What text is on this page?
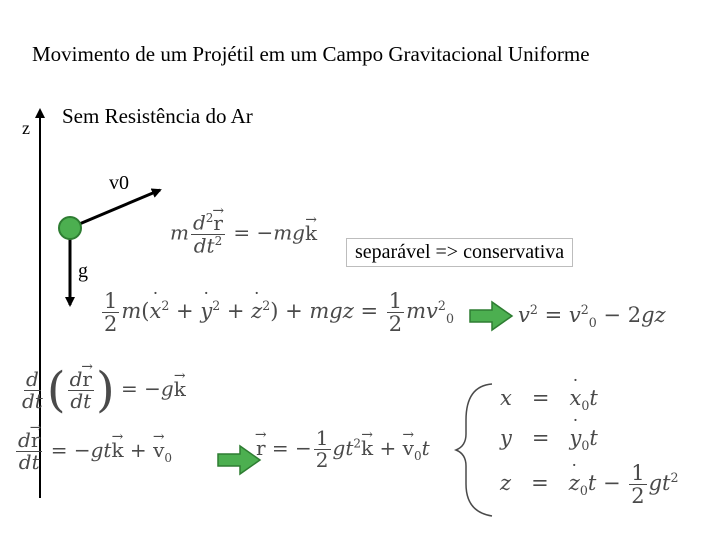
Movimento de um Projétil em um Campo Gravitacional Uniforme
Sem Resistência do Ar
z
v0
g
separável => conservativa
m $\frac{d^2\to r}{dt^2} = -mg\to k$
$\frac{1}{2}$ m(˙ $x^2$ + ˙ $y^2$ + ˙ $z^2$) + mgz = $\frac{1}{2} mv^2_0$	$v^2 = v^2_0 - 2gz$
$\frac{d}{dt}$ ( $\frac{d\to r}{dt}$ ) = −g→ k
$\frac{d\to r}{dt} = -gt\to k$ + → $v_0$
→	r = − $\frac{1}{2} gt^2\to k$ + → $v_0t$
x   =   ˙ $x_0t$
y   =   ˙ $y_0t$
z   =   ˙ $z_0t - \frac{1}{2} gt^2$
